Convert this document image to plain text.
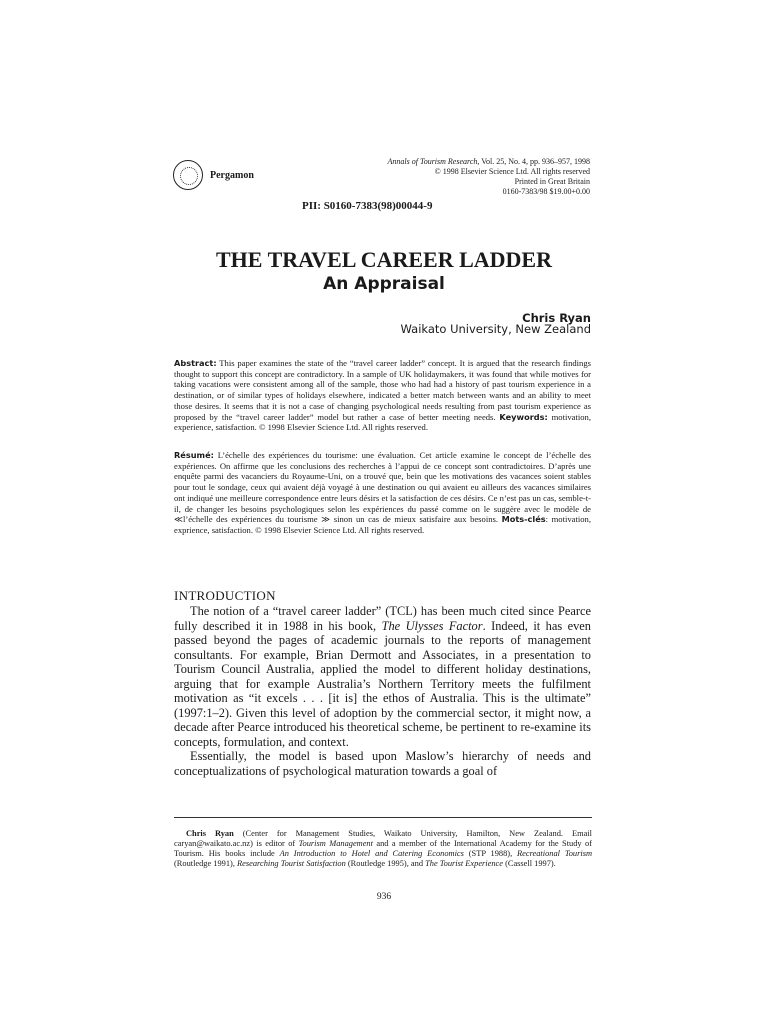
Pergamon
Annals of Tourism Research, Vol. 25, No. 4, pp. 936–957, 1998
© 1998 Elsevier Science Ltd. All rights reserved
Printed in Great Britain
0160-7383/98 $19.00+0.00
PII: S0160-7383(98)00044-9
THE TRAVEL CAREER LADDER
An Appraisal
Chris Ryan
Waikato University, New Zealand
Abstract: This paper examines the state of the “travel career ladder” concept. It is argued that the research findings thought to support this concept are contradictory. In a sample of UK holidaymakers, it was found that while motives for taking vacations were consistent among all of the sample, those who had had a history of past tourism experience in a destination, or of similar types of holidays elsewhere, indicated a better match between wants and an ability to meet those desires. It seems that it is not a case of changing psychological needs resulting from past tourism experience as proposed by the “travel career ladder” model but rather a case of better meeting needs. Keywords: motivation, experience, satisfaction. © 1998 Elsevier Science Ltd. All rights reserved.
Résumé: L’échelle des expériences du tourisme: une évaluation. Cet article examine le concept de l’échelle des expériences. On affirme que les conclusions des recherches à l’appui de ce concept sont contradictoires. D’après une enquête parmi des vacanciers du Royaume-Uni, on a trouvé que, bein que les motivations des vacances soient stables pour tout le sondage, ceux qui avaient déjà voyagé à une destination ou qui avaient eu ailleurs des vacances similaires ont indiqué une meilleure correspondence entre leurs désirs et la satisfaction de ces désirs. Ce n’est pas un cas, semble-t-il, de changer les besoins psychologiques selon les expériences du passé comme on le suggère avec le modèle de ≪l’échelle des expériences du tourisme ≫ sinon un cas de mieux satisfaire aux besoins. Mots-clés: motivation, exprience, satisfaction. © 1998 Elsevier Science Ltd. All rights reserved.
INTRODUCTION

The notion of a “travel career ladder” (TCL) has been much cited since Pearce fully described it in 1988 in his book, The Ulysses Factor. Indeed, it has even passed beyond the pages of academic journals to the reports of management consultants. For example, Brian Dermott and Associates, in a presentation to Tourism Council Australia, applied the model to different holiday destinations, arguing that for example Australia’s Northern Territory meets the fulfilment motivation as “it excels . . . [it is] the ethos of Australia. This is the ultimate” (1997:1–2). Given this level of adoption by the commercial sector, it might now, a decade after Pearce introduced his theoretical scheme, be pertinent to re-examine its concepts, formulation, and context.

Essentially, the model is based upon Maslow’s hierarchy of needs and conceptualizations of psychological maturation towards a goal of

Chris Ryan (Center for Management Studies, Waikato University, Hamilton, New Zealand. Email caryan@waikato.ac.nz) is editor of Tourism Management and a member of the International Academy for the Study of Tourism. His books include An Introduction to Hotel and Catering Economics (STP 1988), Recreational Tourism (Routledge 1991), Researching Tourist Satisfaction (Routledge 1995), and The Tourist Experience (Cassell 1997).
936
